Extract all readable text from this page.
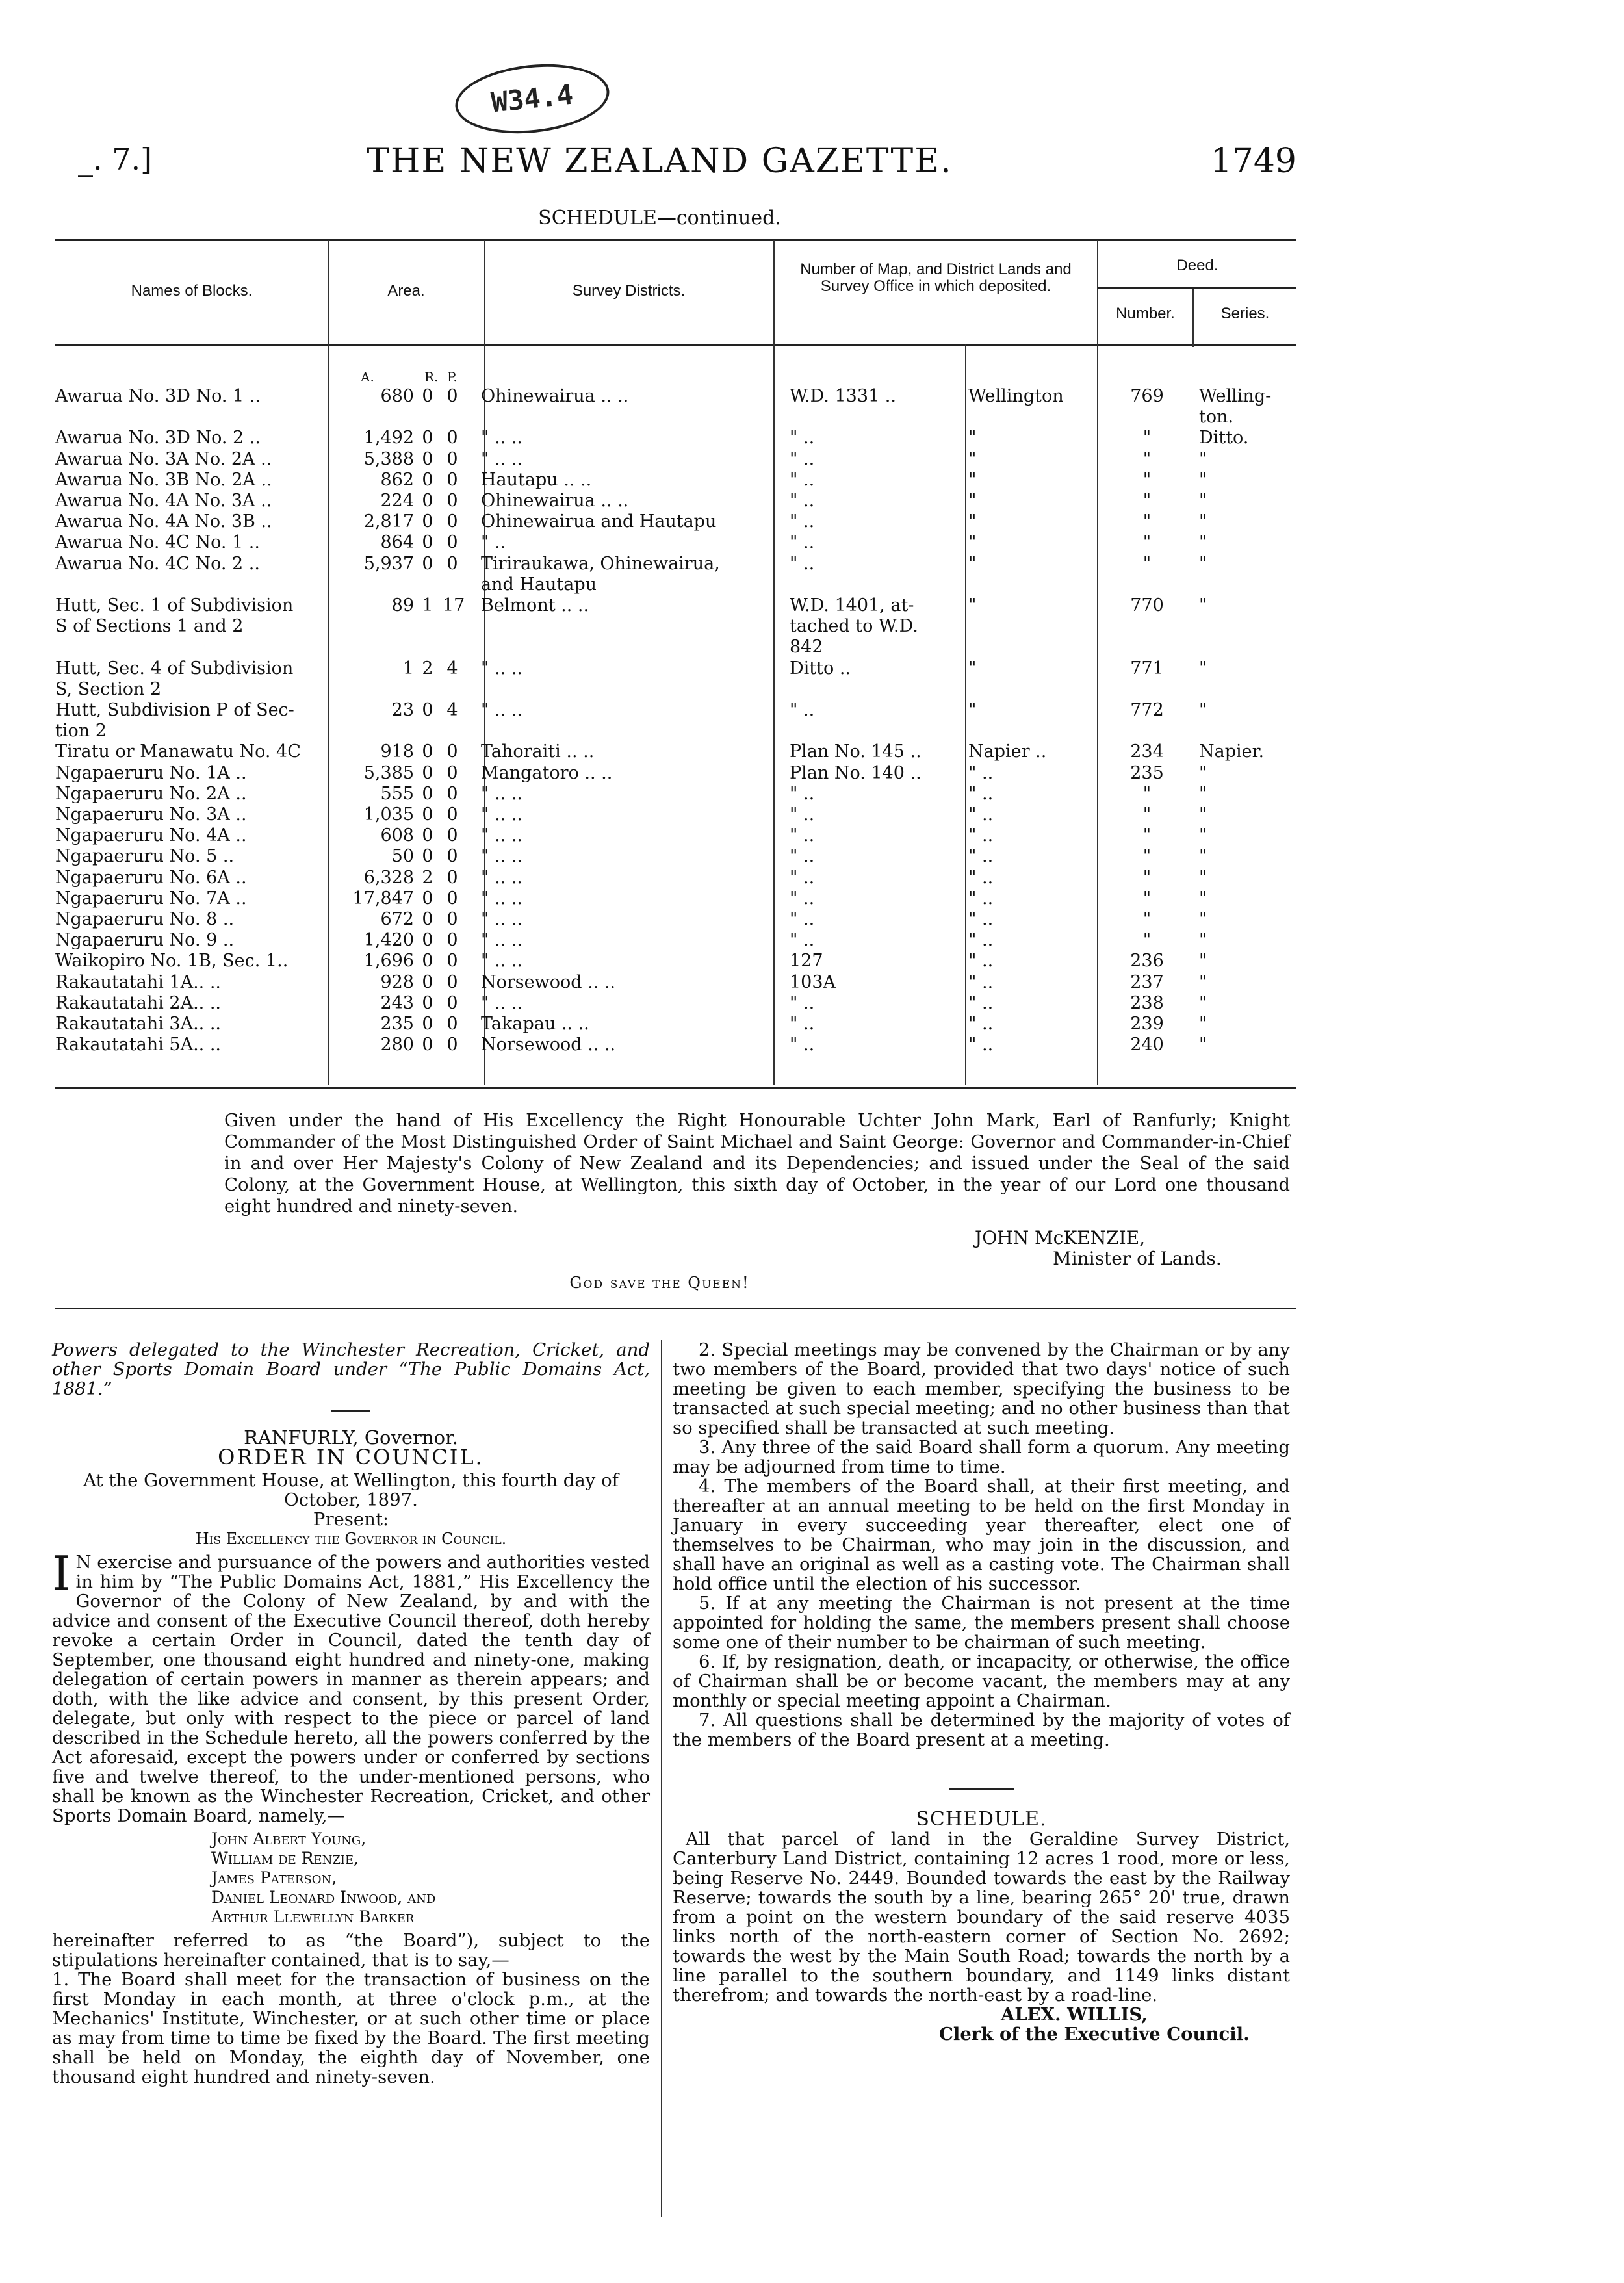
W34.4
_. 7.]	THE NEW ZEALAND GAZETTE.	1749
SCHEDULE—continued.
Names of Blocks.	Area.	Survey Districts.
Number of Map, and District Lands and Survey Office in which deposited.
Deed.
Number.	Series.
A.	R. P.
Awarua No. 3D No. 1 ..	680 0 0 Ohinewairua .. ..	W.D. 1331 ..	Wellington	769	Welling-
ton.
Awarua No. 3D No. 2 ..	1,492 0 0 " .. ..	" ..	"	"	Ditto.
Awarua No. 3A No. 2A ..	5,388 0 0 " .. ..	" ..	"	"	"
Awarua No. 3B No. 2A ..	862 0 0 Hautapu .. ..	" ..	"	"	"
Awarua No. 4A No. 3A ..	224 0 0 Ohinewairua .. ..	" ..	"	"	"
Awarua No. 4A No. 3B ..	2,817 0 0 Ohinewairua and Hautapu	" ..	"	"	"
Awarua No. 4C No. 1 ..	864 0 0 " ..	" ..	"	"	"
Awarua No. 4C No. 2 ..	5,937 0 0 Tiriraukawa, Ohinewairua,	" ..	"	"	"
and Hautapu
Hutt, Sec. 1 of Subdivision	89 1 17 Belmont .. ..	W.D. 1401, at-	"	770	"
S of Sections 1 and 2	tached to W.D.
842
Hutt, Sec. 4 of Subdivision	1 2 4 " .. ..	Ditto ..	"	771	"
S, Section 2
Hutt, Subdivision P of Sec-	23 0 4 " .. ..	" ..	"	772	"
tion 2
Tiratu or Manawatu No. 4C	918 0 0 Tahoraiti .. ..	Plan No. 145 ..	Napier ..	234	Napier.
Ngapaeruru No. 1A ..	5,385 0 0 Mangatoro .. ..	Plan No. 140 ..	" ..	235	"
Ngapaeruru No. 2A ..	555 0 0 " .. ..	" ..	" ..	"	"
Ngapaeruru No. 3A ..	1,035 0 0 " .. ..	" ..	" ..	"	"
Ngapaeruru No. 4A ..	608 0 0 " .. ..	" ..	" ..	"	"
Ngapaeruru No. 5 ..	50 0 0 " .. ..	" ..	" ..	"	"
Ngapaeruru No. 6A ..	6,328 2 0 " .. ..	" ..	" ..	"	"
Ngapaeruru No. 7A ..	17,847 0 0 " .. ..	" ..	" ..	"	"
Ngapaeruru No. 8 ..	672 0 0 " .. ..	" ..	" ..	"	"
Ngapaeruru No. 9 ..	1,420 0 0 " .. ..	" ..	" ..	"	"
Waikopiro No. 1B, Sec. 1..	1,696 0 0 " .. ..	127	" ..	236	"
Rakautatahi 1A.. ..	928 0 0 Norsewood .. ..	103A	" ..	237	"
Rakautatahi 2A.. ..	243 0 0 " .. ..	" ..	" ..	238	"
Rakautatahi 3A.. ..	235 0 0 Takapau .. ..	" ..	" ..	239	"
Rakautatahi 5A.. ..	280 0 0 Norsewood .. ..	" ..	" ..	240	"
Given under the hand of His Excellency the Right Honourable Uchter John Mark, Earl of Ranfurly; Knight Commander of the Most Distinguished Order of Saint Michael and Saint George: Governor and Commander-in-Chief in and over Her Majesty's Colony of New Zealand and its Dependencies; and issued under the Seal of the said Colony, at the Government House, at Wellington, this sixth day of October, in the year of our Lord one thousand eight hundred and ninety-seven.
JOHN McKENZIE,
Minister of Lands.
God save the Queen!
Powers delegated to the Winchester Recreation, Cricket, and other Sports Domain Board under “The Public Domains Act, 1881.”
RANFURLY, Governor.
ORDER IN COUNCIL.
At the Government House, at Wellington, this fourth day of October, 1897.
Present:
His Excellency the Governor in Council.
I N exercise and pursuance of the powers and authorities vested in him by “The Public Domains Act, 1881,” His Excellency the Governor of the Colony of New Zealand, by and with the advice and consent of the Executive Council thereof, doth hereby revoke a certain Order in Council, dated the tenth day of September, one thousand eight hundred and ninety-one, making delegation of certain powers in manner as therein appears; and doth, with the like advice and consent, by this present Order, delegate, but only with respect to the piece or parcel of land described in the Schedule hereto, all the powers conferred by the Act aforesaid, except the powers under or conferred by sections five and twelve thereof, to the under-mentioned persons, who shall be known as the Winchester Recreation, Cricket, and other Sports Domain Board, namely,—
John Albert Young,
William de Renzie,
James Paterson,
Daniel Leonard Inwood, and
Arthur Llewellyn Barker
hereinafter referred to as “the Board”), subject to the stipulations hereinafter contained, that is to say,—
1. The Board shall meet for the transaction of business on the first Monday in each month, at three o'clock p.m., at the Mechanics' Institute, Winchester, or at such other time or place as may from time to time be fixed by the Board. The first meeting shall be held on Monday, the eighth day of November, one thousand eight hundred and ninety-seven.
2. Special meetings may be convened by the Chairman or by any two members of the Board, provided that two days' notice of such meeting be given to each member, specifying the business to be transacted at such special meeting; and no other business than that so specified shall be transacted at such meeting.
3. Any three of the said Board shall form a quorum. Any meeting may be adjourned from time to time.
4. The members of the Board shall, at their first meeting, and thereafter at an annual meeting to be held on the first Monday in January in every succeeding year thereafter, elect one of themselves to be Chairman, who may join in the discussion, and shall have an original as well as a casting vote. The Chairman shall hold office until the election of his successor.
5. If at any meeting the Chairman is not present at the time appointed for holding the same, the members present shall choose some one of their number to be chairman of such meeting.
6. If, by resignation, death, or incapacity, or otherwise, the office of Chairman shall be or become vacant, the members may at any monthly or special meeting appoint a Chairman.
7. All questions shall be determined by the majority of votes of the members of the Board present at a meeting.
SCHEDULE.
All that parcel of land in the Geraldine Survey District, Canterbury Land District, containing 12 acres 1 rood, more or less, being Reserve No. 2449. Bounded towards the east by the Railway Reserve; towards the south by a line, bearing 265° 20' true, drawn from a point on the western boundary of the said reserve 4035 links north of the north-eastern corner of Section No. 2692; towards the west by the Main South Road; towards the north by a line parallel to the southern boundary, and 1149 links distant therefrom; and towards the north-east by a road-line.
ALEX. WILLIS,
Clerk of the Executive Council.
